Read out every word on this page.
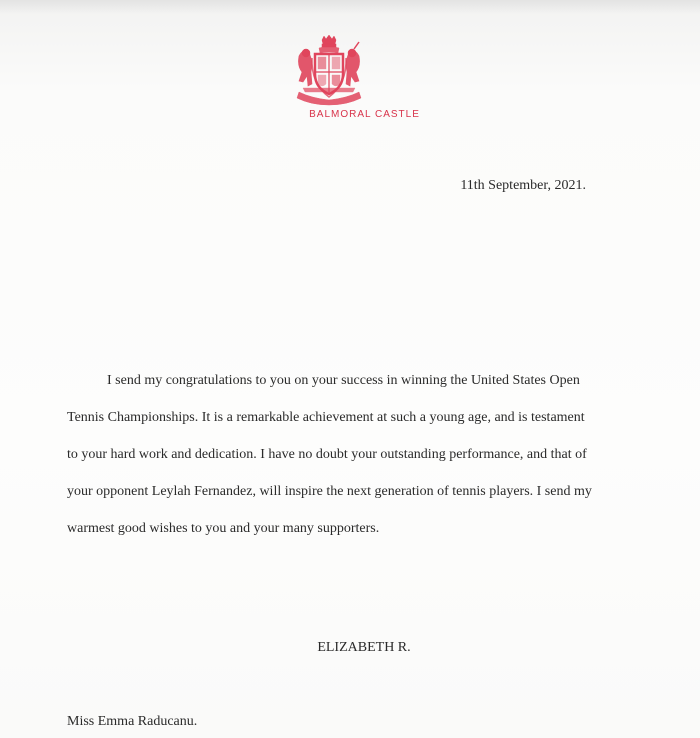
BALMORAL CASTLE
11th September, 2021.

I send my congratulations to you on your success in winning the United States Open Tennis Championships. It is a remarkable achievement at such a young age, and is testament to your hard work and dedication. I have no doubt your outstanding performance, and that of your opponent Leylah Fernandez, will inspire the next generation of tennis players. I send my warmest good wishes to you and your many supporters.

ELIZABETH R.
Miss Emma Raducanu.
